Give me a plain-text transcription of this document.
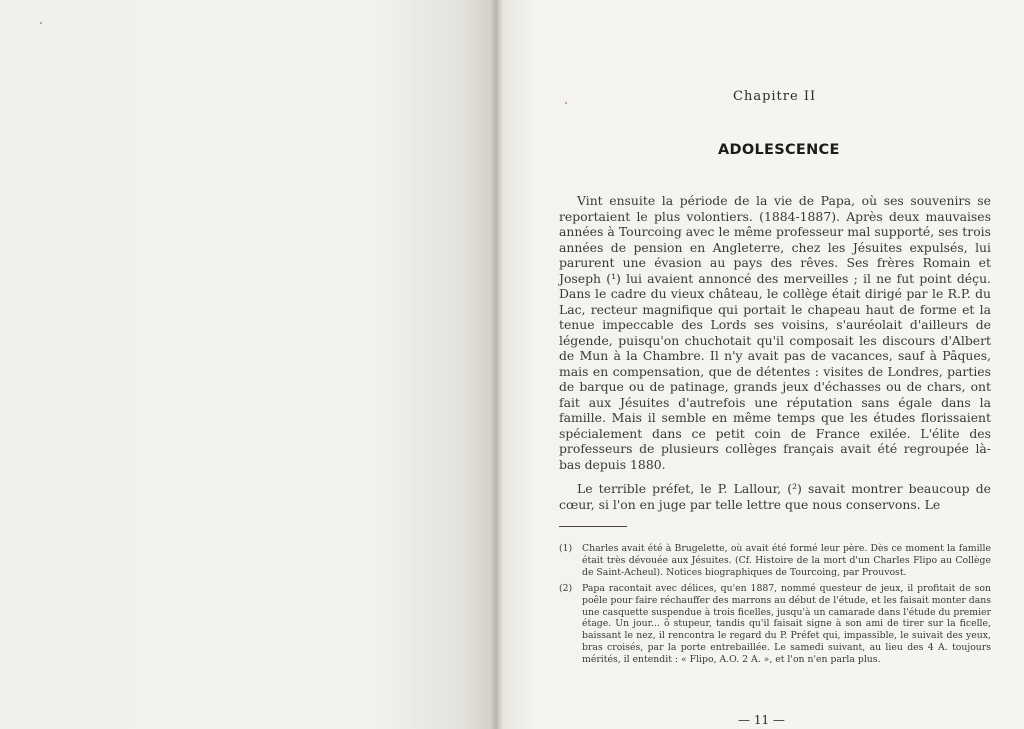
Chapitre II
ADOLESCENCE

Vint ensuite la période de la vie de Papa, où ses souvenirs se reportaient le plus volontiers. (1884-1887). Après deux mauvaises années à Tourcoing avec le même professeur mal supporté, ses trois années de pension en Angleterre, chez les Jésuites expulsés, lui parurent une évasion au pays des rêves. Ses frères Romain et Joseph (¹) lui avaient annoncé des merveilles ; il ne fut point déçu. Dans le cadre du vieux château, le collège était dirigé par le R.P. du Lac, recteur magnifique qui portait le chapeau haut de forme et la tenue impeccable des Lords ses voisins, s'auréolait d'ailleurs de légende, puisqu'on chuchotait qu'il composait les discours d'Albert de Mun à la Chambre. Il n'y avait pas de vacances, sauf à Pâques, mais en compensation, que de détentes : visites de Londres, parties de barque ou de patinage, grands jeux d'échasses ou de chars, ont fait aux Jésuites d'autrefois une réputation sans égale dans la famille. Mais il semble en même temps que les études florissaient spécialement dans ce petit coin de France exilée. L'élite des professeurs de plusieurs collèges français avait été regroupée là-bas depuis 1880.

Le terrible préfet, le P. Lallour, (²) savait montrer beaucoup de cœur, si l'on en juge par telle lettre que nous conservons. Le

(1)	Charles avait été à Brugelette, où avait été formé leur père. Dès ce moment la famille était très dévouée aux Jésuites. (Cf. Histoire de la mort d'un Charles Flipo au Collège de Saint-Acheul). Notices biographiques de Tourcoing, par Prouvost.
(2)	Papa racontait avec délices, qu'en 1887, nommé questeur de jeux, il profitait de son poêle pour faire réchauffer des marrons au début de l'étude, et les faisait monter dans une casquette suspendue à trois ficelles, jusqu'à un camarade dans l'étude du premier étage. Un jour... ô stupeur, tandis qu'il faisait signe à son ami de tirer sur la ficelle, baissant le nez, il rencontra le regard du P. Préfet qui, impassible, le suivait des yeux, bras croisés, par la porte entrebaillée. Le samedi suivant, au lieu des 4 A. toujours mérités, il entendit : « Flipo, A.O. 2 A. », et l'on n'en parla plus.
— 11 —
